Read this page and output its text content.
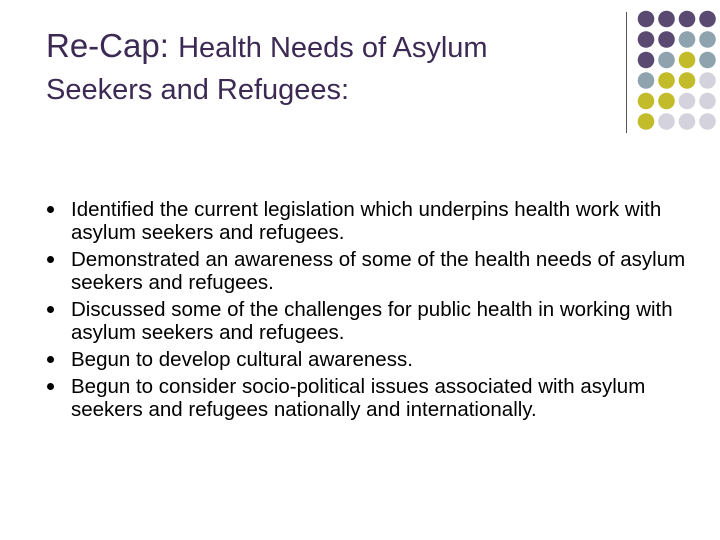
Re-Cap: Health Needs of Asylum
Seekers and Refugees:
Identified the current legislation which underpins health work with asylum seekers and refugees.
Demonstrated an awareness of some of the health needs of asylum seekers and refugees.
Discussed some of the challenges for public health in working with asylum seekers and refugees.
Begun to develop cultural awareness.
Begun to consider socio-political issues associated with asylum seekers and refugees nationally and internationally.
